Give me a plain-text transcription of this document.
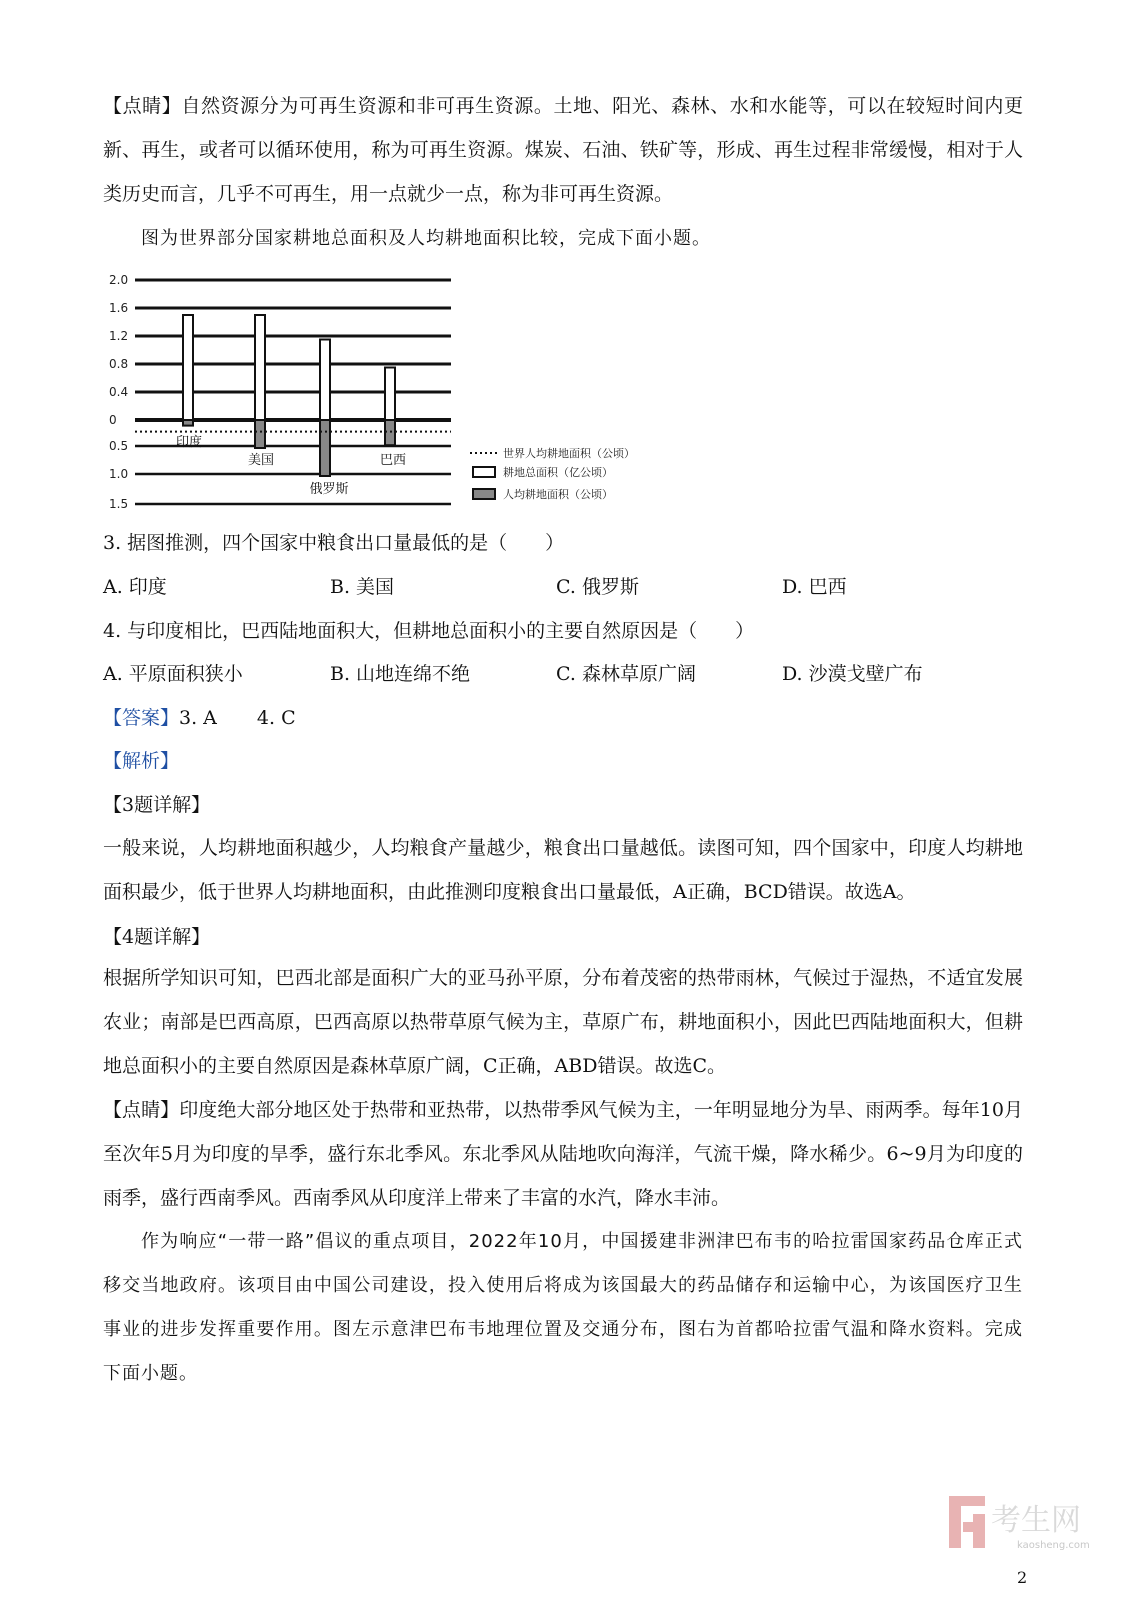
【点睛】自然资源分为可再生资源和非可再生资源。土地、阳光、森林、水和水能等，可以在较短时间内更新、再生，或者可以循环使用，称为可再生资源。煤炭、石油、铁矿等，形成、再生过程非常缓慢，相对于人类历史而言，几乎不可再生，用一点就少一点，称为非可再生资源。
图为世界部分国家耕地总面积及人均耕地面积比较，完成下面小题。
2.0
1.6
1.2
0.8
0.4
0
0.5
1.0
1.5
印度
美国
俄罗斯
巴西	世界人均耕地面积（公顷）
耕地总面积（亿公顷）
人均耕地面积（公顷）
3. 据图推测，四个国家中粮食出口量最低的是（　　）
A. 印度	B. 美国	C. 俄罗斯	D. 巴西
4. 与印度相比，巴西陆地面积大，但耕地总面积小的主要自然原因是（　　）
A. 平原面积狭小	B. 山地连绵不绝	C. 森林草原广阔	D. 沙漠戈壁广布
【答案】3. A 4. C
【解析】
【3题详解】
一般来说，人均耕地面积越少，人均粮食产量越少，粮食出口量越低。读图可知，四个国家中，印度人均耕地面积最少，低于世界人均耕地面积，由此推测印度粮食出口量最低，A正确，BCD错误。故选A。
【4题详解】
根据所学知识可知，巴西北部是面积广大的亚马孙平原，分布着茂密的热带雨林，气候过于湿热，不适宜发展农业；南部是巴西高原，巴西高原以热带草原气候为主，草原广布，耕地面积小，因此巴西陆地面积大，但耕地总面积小的主要自然原因是森林草原广阔，C正确，ABD错误。故选C。
【点睛】印度绝大部分地区处于热带和亚热带，以热带季风气候为主，一年明显地分为旱、雨两季。每年10月至次年5月为印度的旱季，盛行东北季风。东北季风从陆地吹向海洋，气流干燥，降水稀少。6~9月为印度的雨季，盛行西南季风。西南季风从印度洋上带来了丰富的水汽，降水丰沛。
作为响应“一带一路”倡议的重点项目，2022年10月，中国援建非洲津巴布韦的哈拉雷国家药品仓库正式移交当地政府。该项目由中国公司建设，投入使用后将成为该国最大的药品储存和运输中心，为该国医疗卫生事业的进步发挥重要作用。图左示意津巴布韦地理位置及交通分布，图右为首都哈拉雷气温和降水资料。完成下面小题。
考生网
kaosheng.com
2
